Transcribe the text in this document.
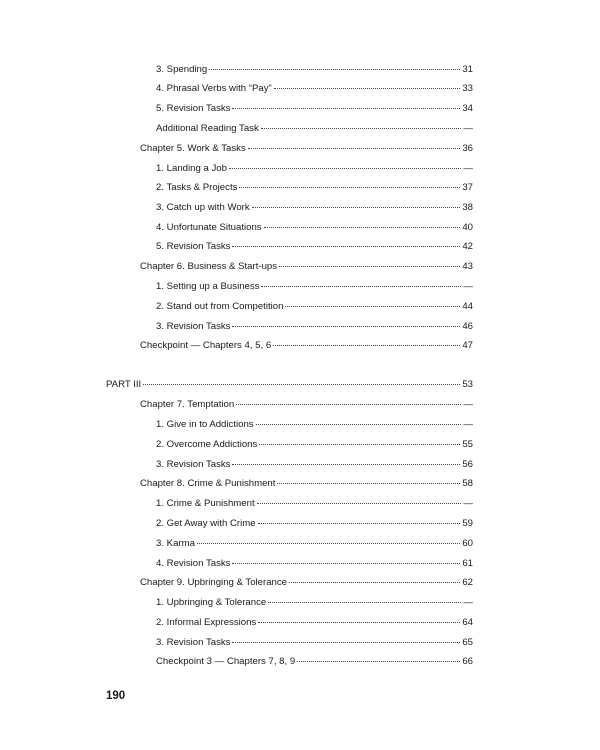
3. Spending	31
4. Phrasal Verbs with “Pay”	33
5. Revision Tasks	34
Additional Reading Task	—
Chapter 5. Work & Tasks	36
1. Landing a Job	—
2. Tasks & Projects	37
3. Catch up with Work	38
4. Unfortunate Situations	40
5. Revision Tasks	42
Chapter 6. Business & Start-ups	43
1. Setting up a Business	—
2. Stand out from Competition	44
3. Revision Tasks	46
Checkpoint — Chapters 4, 5, 6	47
PART III	53
Chapter 7. Temptation	—
1. Give in to Addictions	—
2. Overcome Addictions	55
3. Revision Tasks	56
Chapter 8. Crime & Punishment	58
1. Crime & Punishment	—
2. Get Away with Crime	59
3. Karma	60
4. Revision Tasks	61
Chapter 9. Upbringing & Tolerance	62
1. Upbringing & Tolerance	—
2. Informal Expressions	64
3. Revision Tasks	65
Checkpoint 3 — Chapters 7, 8, 9	66
190
